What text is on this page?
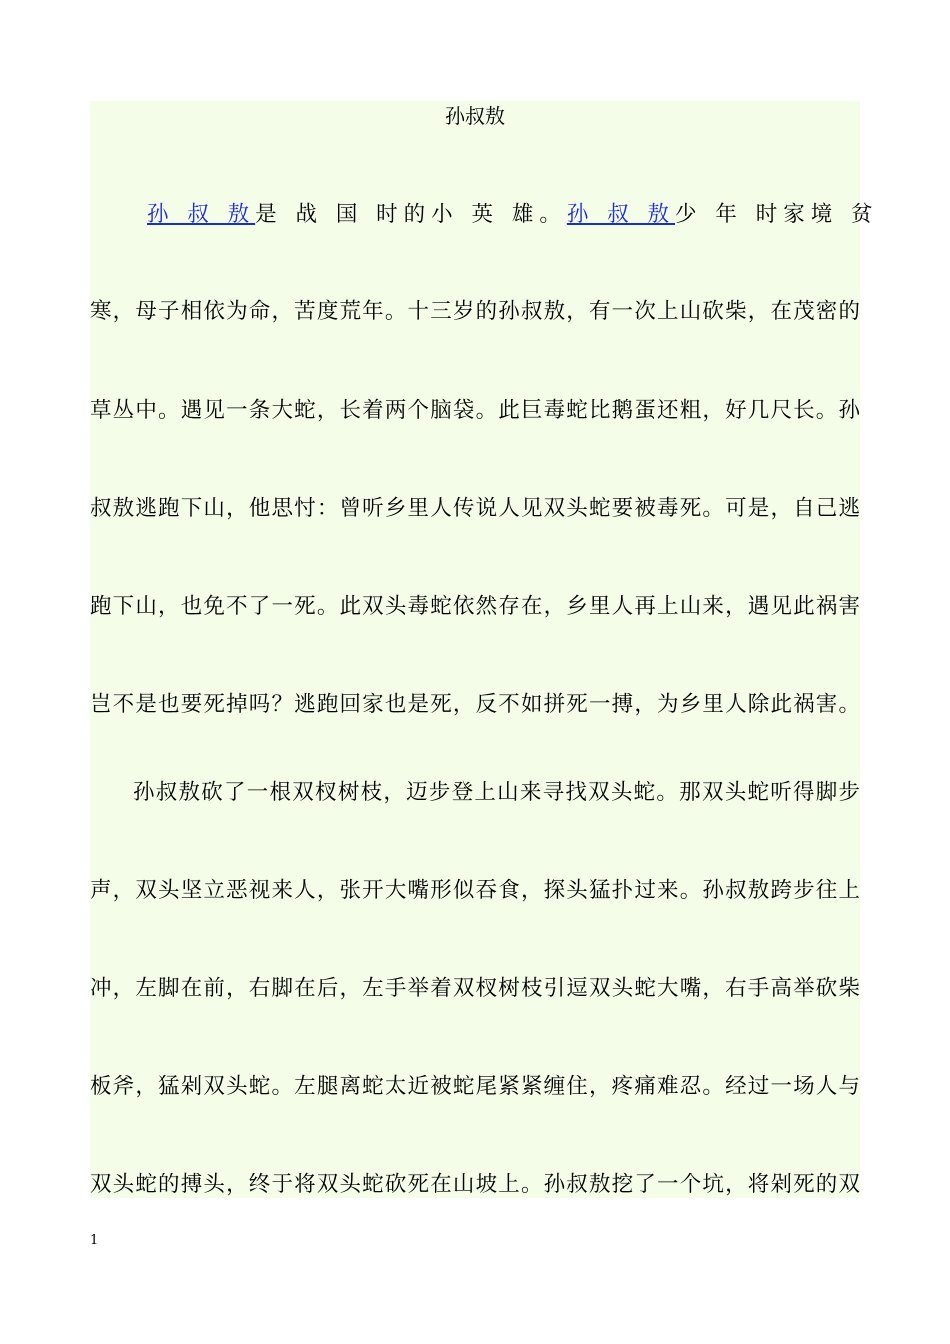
孙叔敖
孙 叔 敖是 战 国 时的小 英 雄。孙 叔 敖少 年 时家境 贫
寒，母子相依为命，苦度荒年。十三岁的孙叔敖，有一次上山砍柴，在茂密的
草丛中。遇见一条大蛇，长着两个脑袋。此巨毒蛇比鹅蛋还粗，好几尺长。孙
叔敖逃跑下山，他思忖：曾听乡里人传说人见双头蛇要被毒死。可是，自己逃
跑下山，也免不了一死。此双头毒蛇依然存在，乡里人再上山来，遇见此祸害
岂不是也要死掉吗？逃跑回家也是死，反不如拼死一搏，为乡里人除此祸害。
孙叔敖砍了一根双杈树枝，迈步登上山来寻找双头蛇。那双头蛇听得脚步
声，双头坚立恶视来人，张开大嘴形似吞食，探头猛扑过来。孙叔敖跨步往上
冲，左脚在前，右脚在后，左手举着双杈树枝引逗双头蛇大嘴，右手高举砍柴
板斧，猛剁双头蛇。左腿离蛇太近被蛇尾紧紧缠住，疼痛难忍。经过一场人与
双头蛇的搏头，终于将双头蛇砍死在山坡上。孙叔敖挖了一个坑，将剁死的双
1
